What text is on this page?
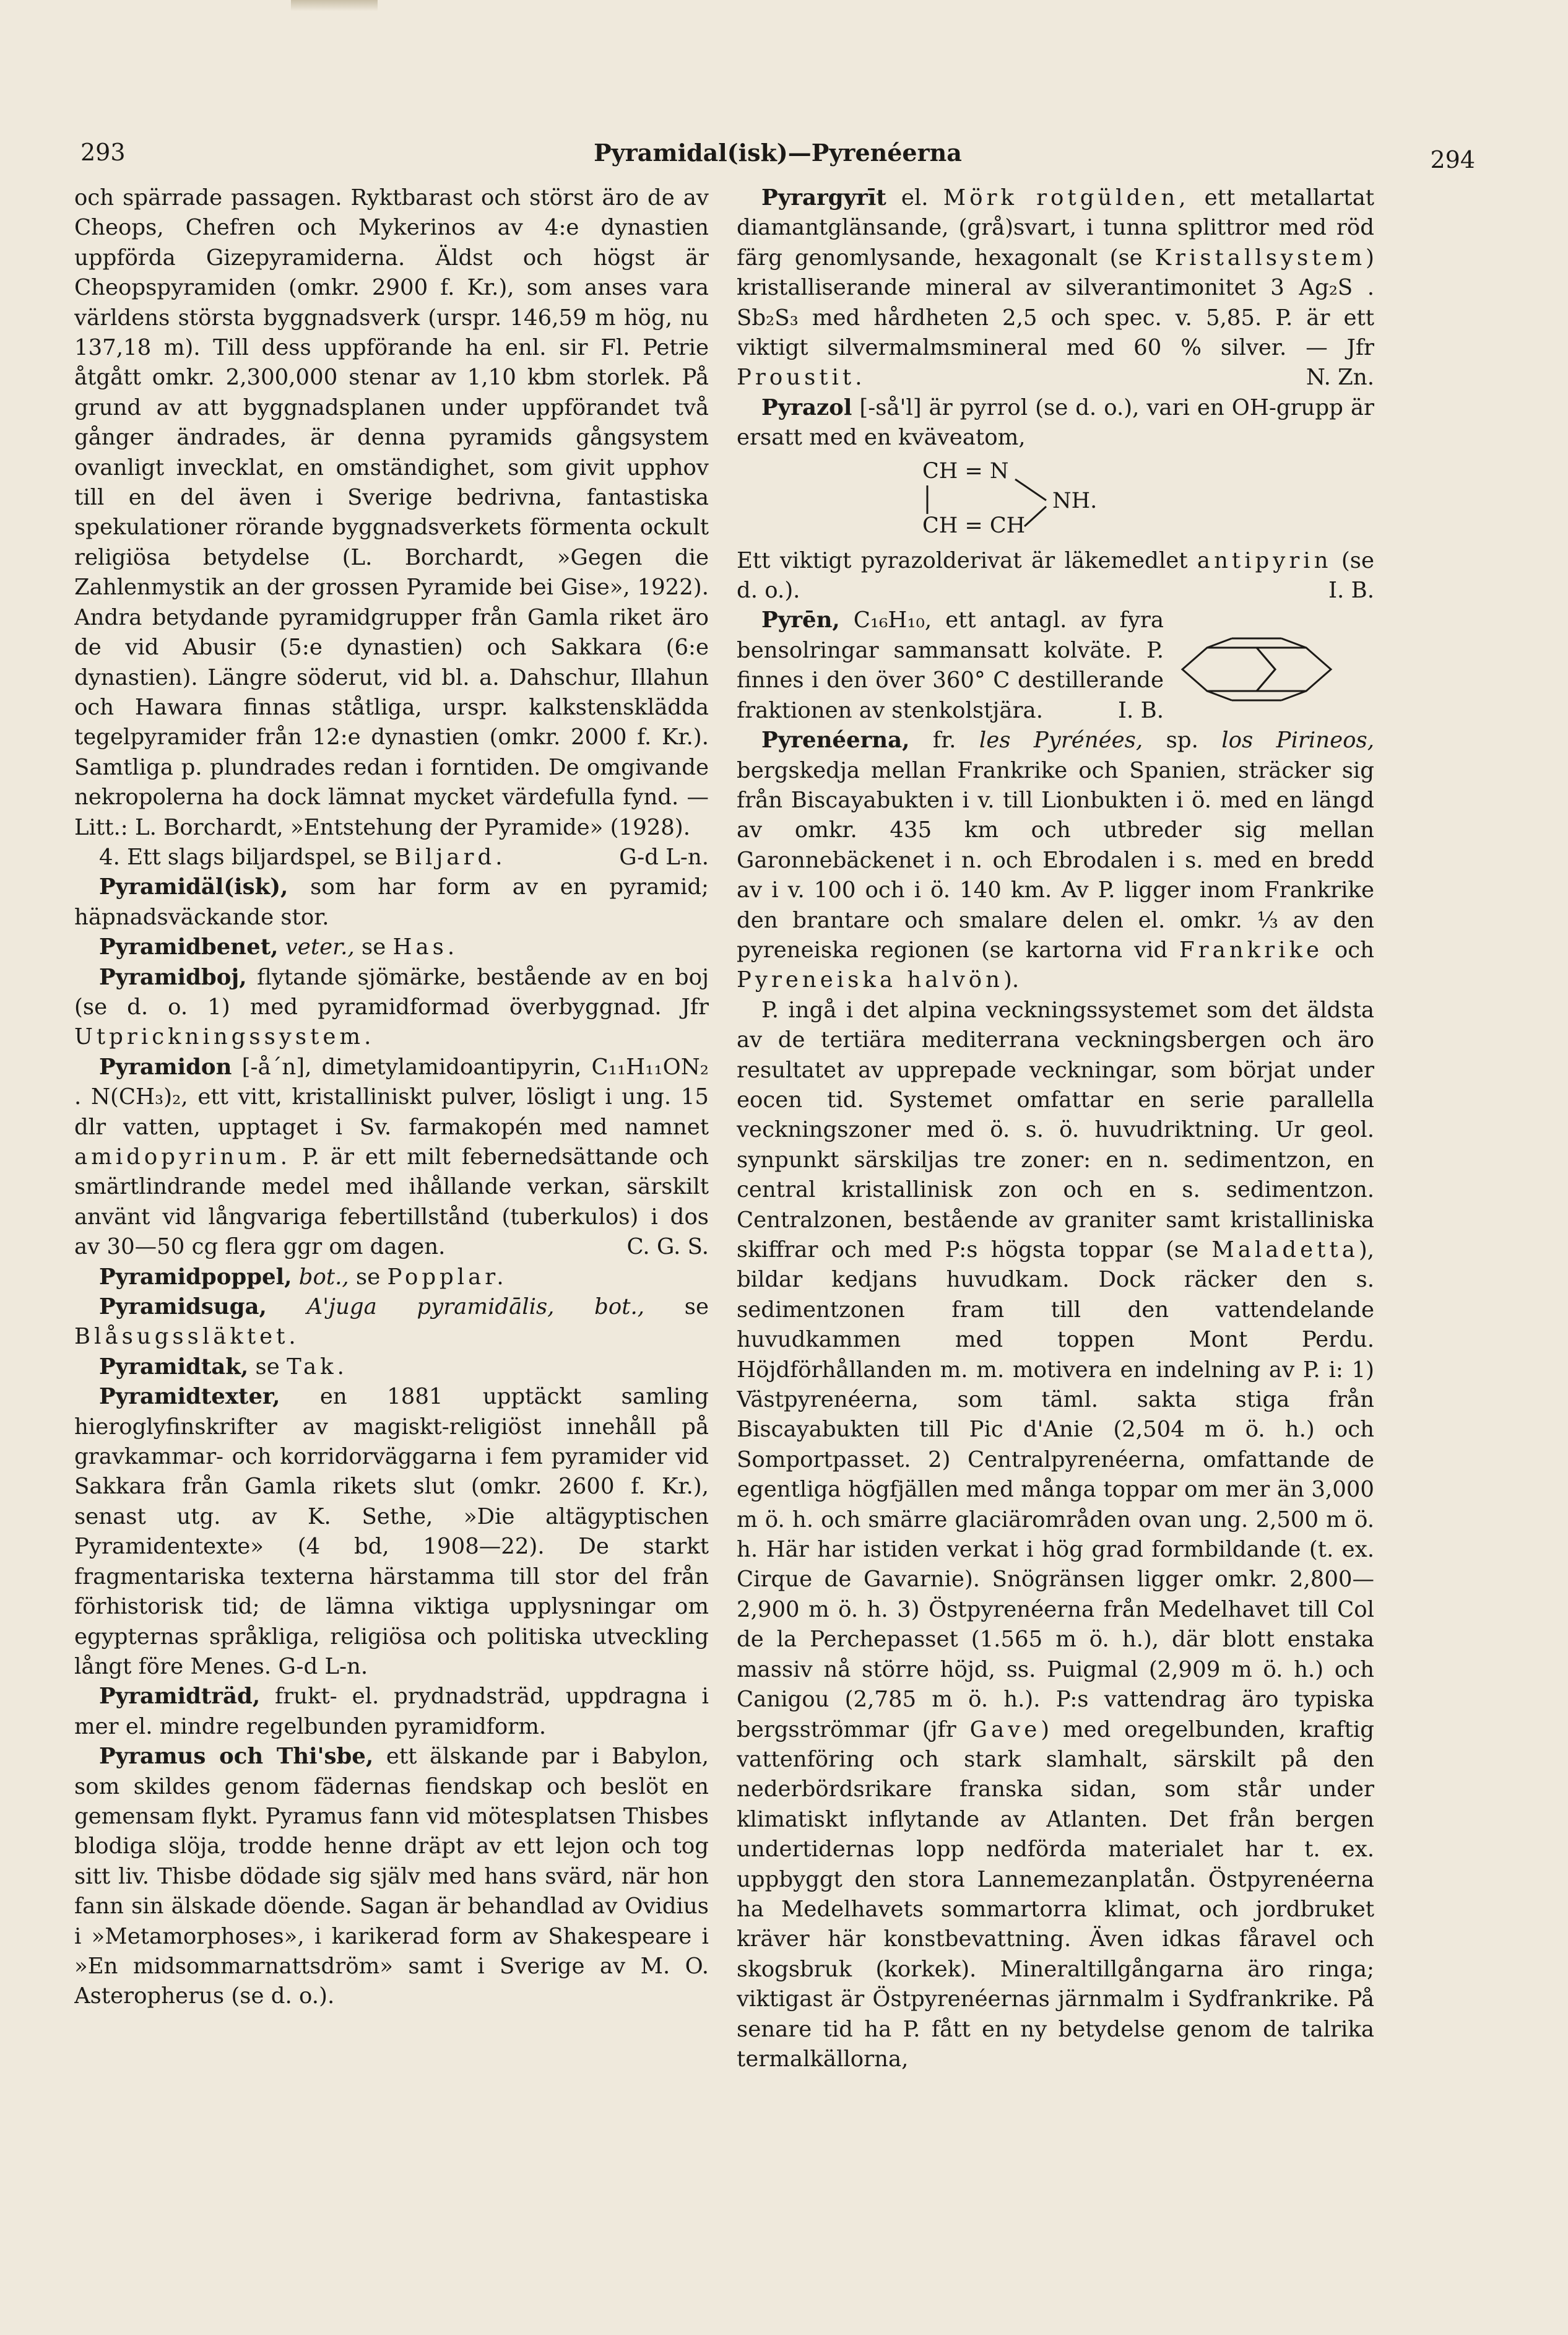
293	Pyramidal(isk)—Pyrenéerna	294

och spärrade passagen. Ryktbarast och störst äro de av Cheops, Chefren och Mykerinos av 4:e dynastien uppförda Gizepyramiderna. Äldst och högst är Cheopspyramiden (omkr. 2900 f. Kr.), som anses vara världens största byggnadsverk (urspr. 146,59 m hög, nu 137,18 m). Till dess uppförande ha enl. sir Fl. Petrie åtgått omkr. 2,300,000 stenar av 1,10 kbm storlek. På grund av att byggnadsplanen under uppförandet två gånger ändrades, är denna pyramids gångsystem ovanligt invecklat, en omständighet, som givit upphov till en del även i Sverige bedrivna, fantastiska spekulationer rörande byggnadsverkets förmenta ockult religiösa betydelse (L. Borchardt, »Gegen die Zahlenmystik an der grossen Pyramide bei Gise», 1922). Andra betydande pyramidgrupper från Gamla riket äro de vid Abusir (5:e dynastien) och Sakkara (6:e dynastien). Längre söderut, vid bl. a. Dahschur, Illahun och Hawara finnas ståtliga, urspr. kalkstensklädda tegelpyramider från 12:e dynastien (omkr. 2000 f. Kr.). Samtliga p. plundrades redan i forntiden. De omgivande nekropolerna ha dock lämnat mycket värdefulla fynd. — Litt.: L. Borchardt, »Entstehung der Pyramide» (1928).
G-d L-n.

4. Ett slags biljardspel, se Biljard.

Pyramidäl(isk), som har form av en pyramid; häpnadsväckande stor.

Pyramidbenet, veter., se Has.

Pyramidboj, flytande sjömärke, bestående av en boj (se d. o. 1) med pyramidformad överbyggnad. Jfr Utprickningssystem.

Pyramidon [-å´n], dimetylamidoantipyrin, C₁₁H₁₁ON₂ . N(CH₃)₂, ett vitt, kristalliniskt pulver, lösligt i ung. 15 dlr vatten, upptaget i Sv. farmakopén med namnet amidopyrinum. P. är ett milt febernedsättande och smärtlindrande medel med ihållande verkan, särskilt använt vid långvariga febertillstånd (tuberkulos) i dos av 30—50 cg flera ggr om dagen.	C. G. S.

Pyramidpoppel, bot., se Popplar.

Pyramidsuga, A'juga pyramidālis, bot., se Blåsugssläktet.

Pyramidtak, se Tak.

Pyramidtexter, en 1881 upptäckt samling hieroglyfinskrifter av magiskt-religiöst innehåll på gravkammar- och korridorväggarna i fem pyramider vid Sakkara från Gamla rikets slut (omkr. 2600 f. Kr.), senast utg. av K. Sethe, »Die altägyptischen Pyramidentexte» (4 bd, 1908—22). De starkt fragmentariska texterna härstamma till stor del från förhistorisk tid; de lämna viktiga upplysningar om egypternas språkliga, religiösa och politiska utveckling långt före Menes. G-d L-n.

Pyramidträd, frukt- el. prydnadsträd, uppdragna i mer el. mindre regelbunden pyramidform.

Pyramus och Thi'sbe, ett älskande par i Babylon, som skildes genom fädernas fiendskap och beslöt en gemensam flykt. Pyramus fann vid mötesplatsen Thisbes blodiga slöja, trodde henne dräpt av ett lejon och tog sitt liv. Thisbe dödade sig själv med hans svärd, när hon fann sin älskade döende. Sagan är behandlad av Ovidius i »Metamorphoses», i karikerad form av Shakespeare i »En midsommarnattsdröm» samt i Sverige av M. O. Asteropherus (se d. o.).

Pyrargyrīt el. Mörk rotgülden, ett metallartat diamantglänsande, (grå)svart, i tunna splittror med röd färg genomlysande, hexagonalt (se Kristallsystem) kristalliserande mineral av silverantimonitet 3 Ag₂S . Sb₂S₃ med hårdheten 2,5 och spec. v. 5,85. P. är ett viktigt silvermalmsmineral med 60 % silver. — Jfr Proustit.	N. Zn.

Pyrazol [-så'l] är pyrrol (se d. o.), vari en OH-grupp är ersatt med en kväveatom,

CH = N
CH = CH
NH.

Ett viktigt pyrazolderivat är läkemedlet antipyrin (se d. o.).	I. B.

Pyrēn, C₁₆H₁₀, ett antagl. av fyra bensolringar sammansatt kolväte. P. finnes i den över 360° C destillerande fraktionen av stenkolstjära.	I. B.

Pyrenéerna, fr. les Pyrénées, sp. los Pirineos, bergskedja mellan Frankrike och Spanien, sträcker sig från Biscayabukten i v. till Lionbukten i ö. med en längd av omkr. 435 km och utbreder sig mellan Garonnebäckenet i n. och Ebrodalen i s. med en bredd av i v. 100 och i ö. 140 km. Av P. ligger inom Frankrike den brantare och smalare delen el. omkr. ⅓ av den pyreneiska regionen (se kartorna vid Frankrike och Pyreneiska halvön).

P. ingå i det alpina veckningssystemet som det äldsta av de tertiära mediterrana veckningsbergen och äro resultatet av upprepade veckningar, som börjat under eocen tid. Systemet omfattar en serie parallella veckningszoner med ö. s. ö. huvudriktning. Ur geol. synpunkt särskiljas tre zoner: en n. sedimentzon, en central kristallinisk zon och en s. sedimentzon. Centralzonen, bestående av graniter samt kristalliniska skiffrar och med P:s högsta toppar (se Maladetta), bildar kedjans huvudkam. Dock räcker den s. sedimentzonen fram till den vattendelande huvudkammen med toppen Mont Perdu. Höjdförhållanden m. m. motivera en indelning av P. i: 1) Västpyrenéerna, som täml. sakta stiga från Biscayabukten till Pic d'Anie (2,504 m ö. h.) och Somportpasset. 2) Centralpyrenéerna, omfattande de egentliga högfjällen med många toppar om mer än 3,000 m ö. h. och smärre glaciärområden ovan ung. 2,500 m ö. h. Här har istiden verkat i hög grad formbildande (t. ex. Cirque de Gavarnie). Snögränsen ligger omkr. 2,800—2,900 m ö. h. 3) Östpyrenéerna från Medelhavet till Col de la Perchepasset (1.565 m ö. h.), där blott enstaka massiv nå större höjd, ss. Puigmal (2,909 m ö. h.) och Canigou (2,785 m ö. h.). P:s vattendrag äro typiska bergsströmmar (jfr Gave) med oregelbunden, kraftig vattenföring och stark slamhalt, särskilt på den nederbördsrikare franska sidan, som står under klimatiskt inflytande av Atlanten. Det från bergen undertidernas lopp nedförda materialet har t. ex. uppbyggt den stora Lannemezanplatån. Östpyrenéerna ha Medelhavets sommartorra klimat, och jordbruket kräver här konstbevattning. Även idkas fåravel och skogsbruk (korkek). Mineraltillgångarna äro ringa; viktigast är Östpyrenéernas järnmalm i Sydfrankrike. På senare tid ha P. fått en ny betydelse genom de talrika termalkällorna,
